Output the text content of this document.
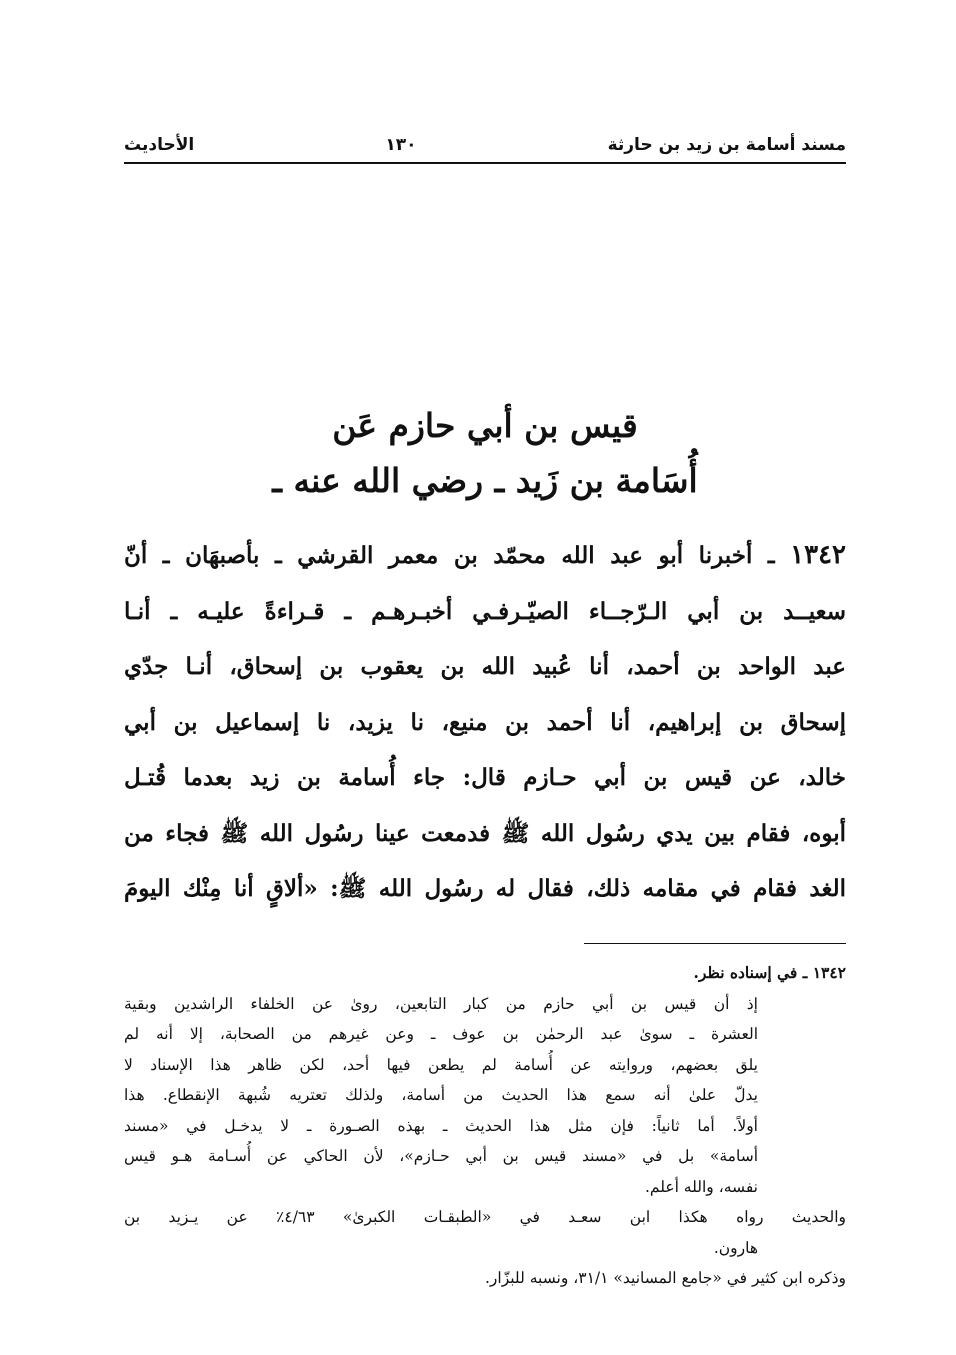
مسند أسامة بن زيد بن حارثة
١٣٠
الأحاديث
قيس بن أبي حازم عَن
أُسَامة بن زَيد ـ رضي الله عنه ـ
١٣٤٢ ـ أخبرنا أبو عبد الله محمّد بن معمر القرشي ـ بأصبهَان ـ أنّ
سعيــد بن أبي الـرّجــاء الصيّـرفـي أخبـرهـم ـ قـراءةً عليـه ـ أنـا
عبد الواحد بن أحمد، أنا عُبيد الله بن يعقوب بن إسحاق، أنـا جدّي
إسحاق بن إبراهيم، أنا أحمد بن منيع، نا يزيد، نا إسماعيل بن أبي
خالد، عن قيس بن أبي حـازم قال: جاء أُسامة بن زيد بعدما قُتـل
أبوه، فقام بين يدي رسُول الله ﷺ فدمعت عينا رسُول الله ﷺ فجاء من
الغد فقام في مقامه ذلك، فقال له رسُول الله ﷺ: «ألاقٍ أنا مِنْك اليومَ
١٣٤٢ ـ في إسناده نظر.
إذ أن قيس بن أبي حازم من كبار التابعين، روىٰ عن الخلفاء الراشدين وبقية
العشرة ـ سوىٰ عبد الرحمٰن بن عوف ـ وعن غيرهم من الصحابة، إلا أنه لم
يلق بعضهم، وروايته عن أُسامة لم يطعن فيها أحد، لكن ظاهر هذا الإسناد لا
يدلّ علىٰ أنه سمع هذا الحديث من أسامة، ولذلك تعتريه شُبهة الإنقطاع. هذا
أولاً. أما ثانياً: فإن مثل هذا الحديث ـ بهذه الصـورة ـ لا يدخـل في «مسند
أسامة» بل في «مسند قيس بن أبي حـازم»، لأن الحاكي عن أُسـامة هـو قيس
نفسه، والله أعلم.
والحديث رواه هكذا ابن سعـد في «الطبقـات الكبرىٰ» ٤/٦٣٪ عن يـزيد بن
هارون.
وذكره ابن كثير في «جامع المسانيد» ٣١/١، ونسبه للبزّار.
